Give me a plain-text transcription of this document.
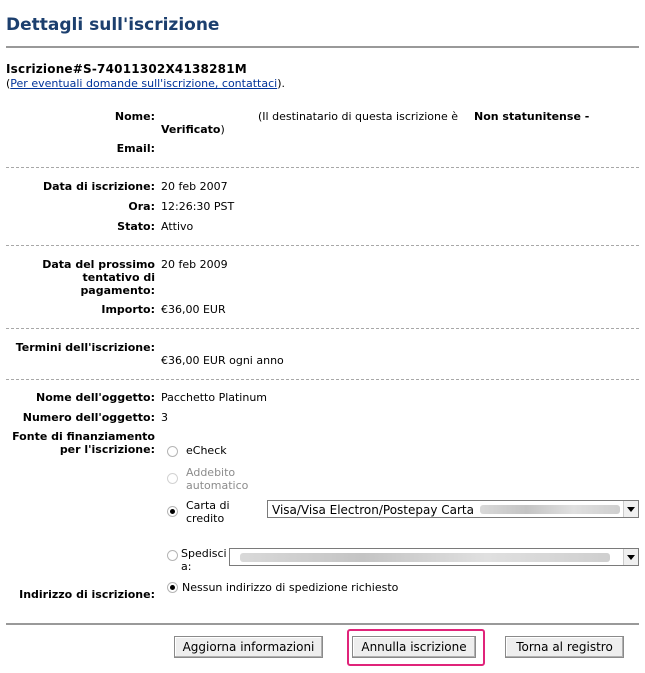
Dettagli sull'iscrizione
Iscrizione#S-74011302X4138281M
(Per eventuali domande sull'iscrizione, contattaci).
Nome:	(Il destinatario di questa iscrizione è Non statunitense -
Verificato)
Email:
Data di iscrizione: 20 feb 2007
Ora: 12:26:30 PST
Stato: Attivo
Data del prossimo tentativo di pagamento:
20 feb 2009
Importo: €36,00 EUR
Termini dell'iscrizione:
€36,00 EUR ogni anno
Nome dell'oggetto: Pacchetto Platinum
Numero dell'oggetto: 3
Fonte di finanziamento per l'iscrizione:	eCheck
Addebito automatico
Carta di credito
Visa/Visa Electron/Postepay Carta
Spedisci a:
Indirizzo di iscrizione:
Nessun indirizzo di spedizione richiesto
Aggiorna informazioni	Annulla iscrizione	Torna al registro
